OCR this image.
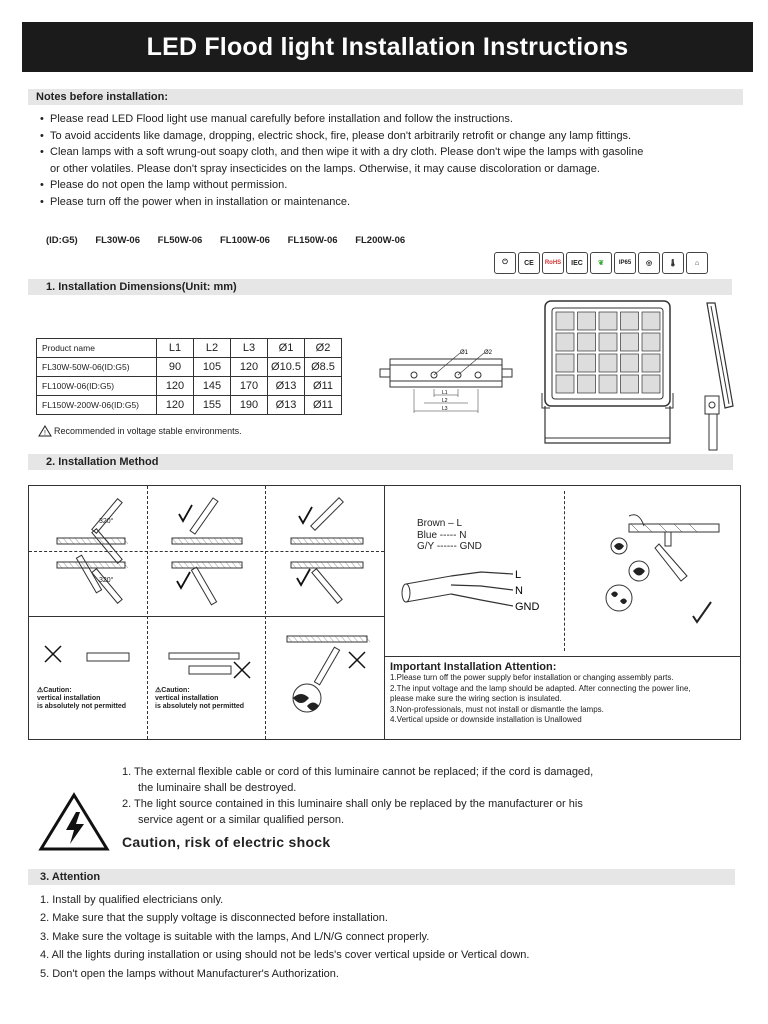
LED Flood light Installation Instructions
Notes before installation:
• Please read LED Flood light use manual carefully before installation and follow the instructions.
• To avoid accidents like damage, dropping, electric shock, fire, please don't arbitrarily retrofit or change any lamp fittings.
• Clean lamps with a soft wrung-out soapy cloth, and then wipe it with a dry cloth. Please don't wipe the lamps with gasoline
or other volatiles. Please don't spray insecticides on the lamps. Otherwise, it may cause discoloration or damage.
• Please do not open the lamp without permission.
• Please turn off the power when in installation or maintenance.
(ID:G5) FL30W-06 FL50W-06 FL100W-06 FL150W-06 FL200W-06
⏻	CE	RoHS	IEC	❦	IP65	◎	🌡	⌂
1. Installation Dimensions(Unit: mm)
Product name	L1	L2	L3	Ø1	Ø2
FL30W-50W-06(ID:G5)	90	105	120	Ø10.5	Ø8.5
FL100W-06(ID:G5)	120	145	170	Ø13	Ø11
FL150W-200W-06(ID:G5)	120	155	190	Ø13	Ø11
! Recommended in voltage stable environments.
Ø1	Ø2
L1
L2
L3
2. Installation Method
320°
320°
⚠Caution:
vertical installation
is absolutely not permitted
⚠Caution:
vertical installation
is absolutely not permitted
Brown – L
Blue ----- N
G/Y ------ GND
L
N
GND
Important Installation Attention:
1.Please turn off the power supply befor installation or changing assembly parts.
2.The input voltage and the lamp should be adapted. After connecting the power line,
please make sure the wiring section is insulated.
3.Non-professionals, must not install or dismantle the lamps.
4.Vertical upside or downside installation is Unallowed
1. The external flexible cable or cord of this luminaire cannot be replaced; if the cord is damaged,
the luminaire shall be destroyed.
2. The light source contained in this luminaire shall only be replaced by the manufacturer or his
service agent or a similar qualified person.
Caution, risk of electric shock
3. Attention
1. Install by qualified electricians only.
2. Make sure that the supply voltage is disconnected before installation.
3. Make sure the voltage is suitable with the lamps, And L/N/G connect properly.
4. All the lights during installation or using should not be leds's cover vertical upside or Vertical down.
5. Don't open the lamps without Manufacturer's Authorization.
